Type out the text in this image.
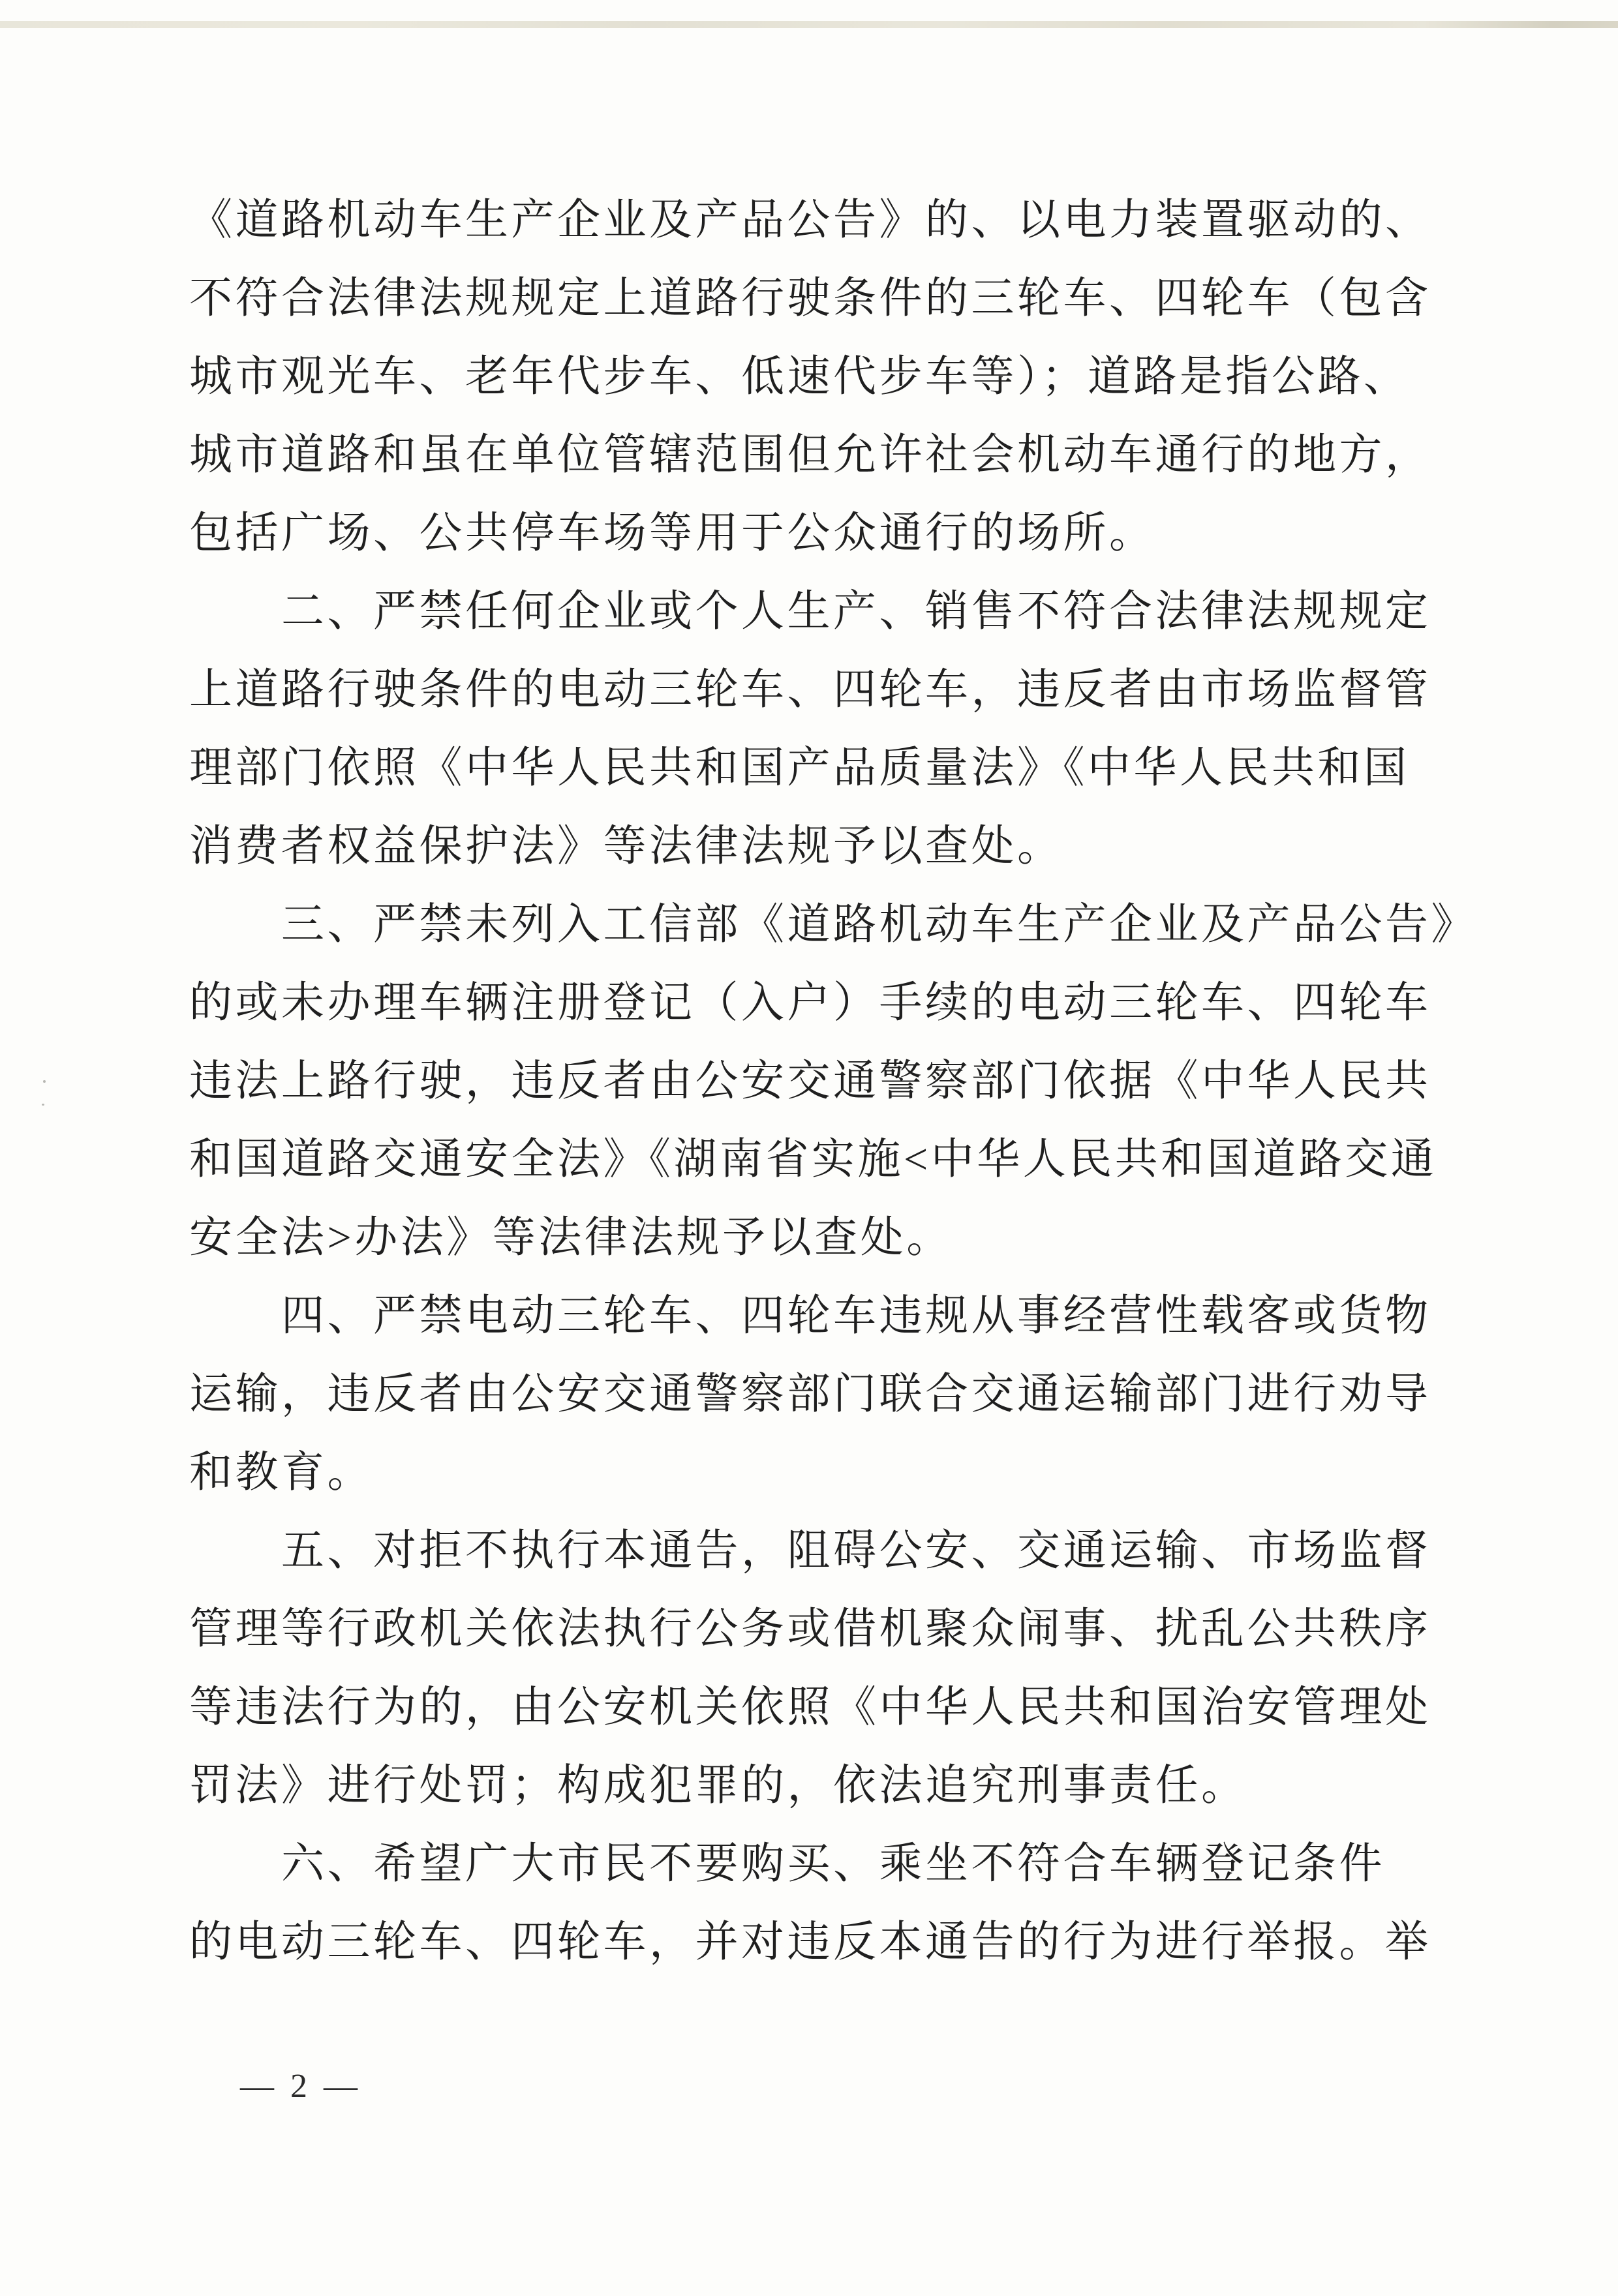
《道路机动车生产企业及产品公告》的、以电力装置驱动的、
不符合法律法规规定上道路行驶条件的三轮车、四轮车（包含
城市观光车、老年代步车、低速代步车等）；道路是指公路、
城市道路和虽在单位管辖范围但允许社会机动车通行的地方，
包括广场、公共停车场等用于公众通行的场所。
二、严禁任何企业或个人生产、销售不符合法律法规规定
上道路行驶条件的电动三轮车、四轮车，违反者由市场监督管
理部门依照《中华人民共和国产品质量法》《中华人民共和国
消费者权益保护法》等法律法规予以查处。
三、严禁未列入工信部《道路机动车生产企业及产品公告》
的或未办理车辆注册登记（入户）手续的电动三轮车、四轮车
违法上路行驶，违反者由公安交通警察部门依据《中华人民共
和国道路交通安全法》《湖南省实施<中华人民共和国道路交通
安全法>办法》等法律法规予以查处。
四、严禁电动三轮车、四轮车违规从事经营性载客或货物
运输，违反者由公安交通警察部门联合交通运输部门进行劝导
和教育。
五、对拒不执行本通告，阻碍公安、交通运输、市场监督
管理等行政机关依法执行公务或借机聚众闹事、扰乱公共秩序
等违法行为的，由公安机关依照《中华人民共和国治安管理处
罚法》进行处罚；构成犯罪的，依法追究刑事责任。
六、希望广大市民不要购买、乘坐不符合车辆登记条件
的电动三轮车、四轮车，并对违反本通告的行为进行举报。举
— 2 —
